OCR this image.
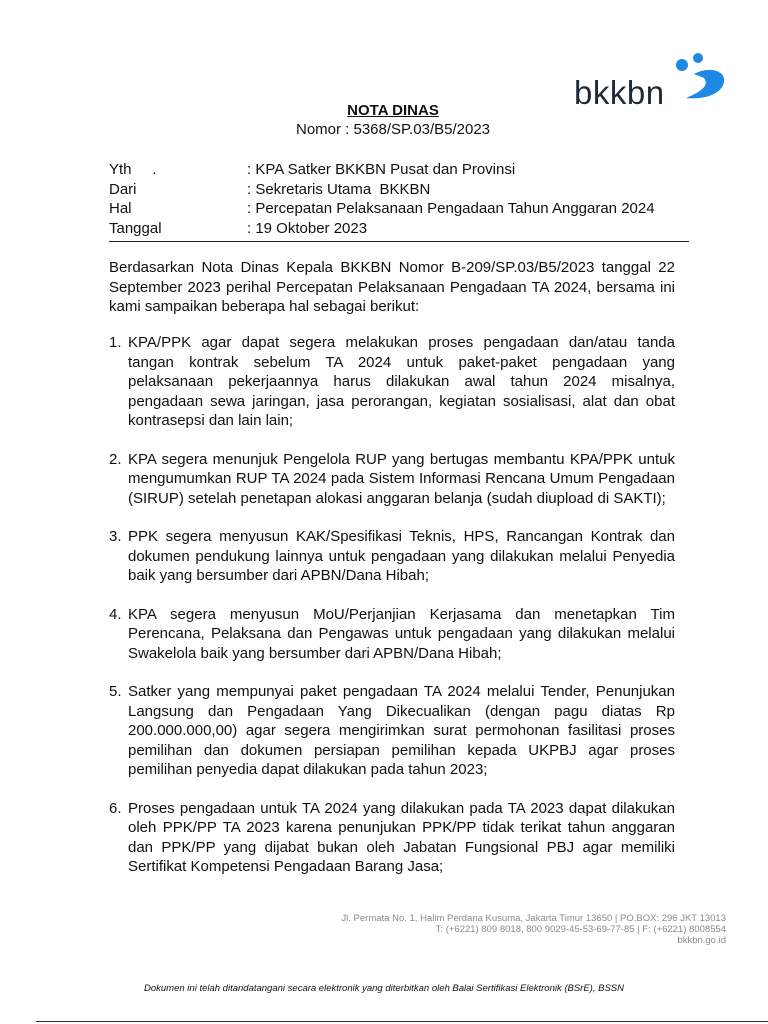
bkkbn
NOTA DINAS
Nomor : 5368/SP.03/B5/2023
Yth     .	: KPA Satker BKKBN Pusat dan Provinsi
Dari	: Sekretaris Utama  BKKBN
Hal	: Percepatan Pelaksanaan Pengadaan Tahun Anggaran 2024
Tanggal	: 19 Oktober 2023
Berdasarkan Nota Dinas Kepala BKKBN Nomor B-209/SP.03/B5/2023 tanggal 22 September 2023 perihal Percepatan Pelaksanaan Pengadaan TA 2024, bersama ini kami sampaikan beberapa hal sebagai berikut:
1. KPA/PPK agar dapat segera melakukan proses pengadaan dan/atau tanda tangan kontrak sebelum TA 2024 untuk paket-paket pengadaan yang pelaksanaan pekerjaannya harus dilakukan awal tahun 2024 misalnya, pengadaan sewa jaringan, jasa perorangan, kegiatan sosialisasi, alat dan obat kontrasepsi dan lain lain;
2. KPA segera menunjuk Pengelola RUP yang bertugas membantu KPA/PPK untuk mengumumkan RUP TA 2024 pada Sistem Informasi Rencana Umum Pengadaan (SIRUP) setelah penetapan alokasi anggaran belanja (sudah diupload di SAKTI);
3. PPK segera menyusun KAK/Spesifikasi Teknis, HPS, Rancangan Kontrak dan dokumen pendukung lainnya untuk pengadaan yang dilakukan melalui Penyedia baik yang bersumber dari APBN/Dana Hibah;
4. KPA segera menyusun MoU/Perjanjian Kerjasama dan menetapkan Tim Perencana, Pelaksana dan Pengawas untuk pengadaan yang dilakukan melalui Swakelola baik yang bersumber dari APBN/Dana Hibah;
5. Satker yang mempunyai paket pengadaan TA 2024 melalui Tender, Penunjukan Langsung dan Pengadaan Yang Dikecualikan (dengan pagu diatas Rp 200.000.000,00) agar segera mengirimkan surat permohonan fasilitasi proses pemilihan dan dokumen persiapan pemilihan kepada UKPBJ agar proses pemilihan penyedia dapat dilakukan pada tahun 2023;
6. Proses pengadaan untuk TA 2024 yang dilakukan pada TA 2023 dapat dilakukan oleh PPK/PP TA 2023 karena penunjukan PPK/PP tidak terikat tahun anggaran dan PPK/PP yang dijabat bukan oleh Jabatan Fungsional PBJ agar memiliki Sertifikat Kompetensi Pengadaan Barang Jasa;
Jl. Permata No. 1, Halim Perdana Kusuma, Jakarta Timur 13650 | PO.BOX: 296 JKT 13013
T: (+6221) 809 8018, 800 9029-45-53-69-77-85 | F: (+6221) 8008554
bkkbn.go.id
Dokumen ini telah ditandatangani secara elektronik yang diterbitkan oleh Balai Sertifikasi Elektronik (BSrE), BSSN
